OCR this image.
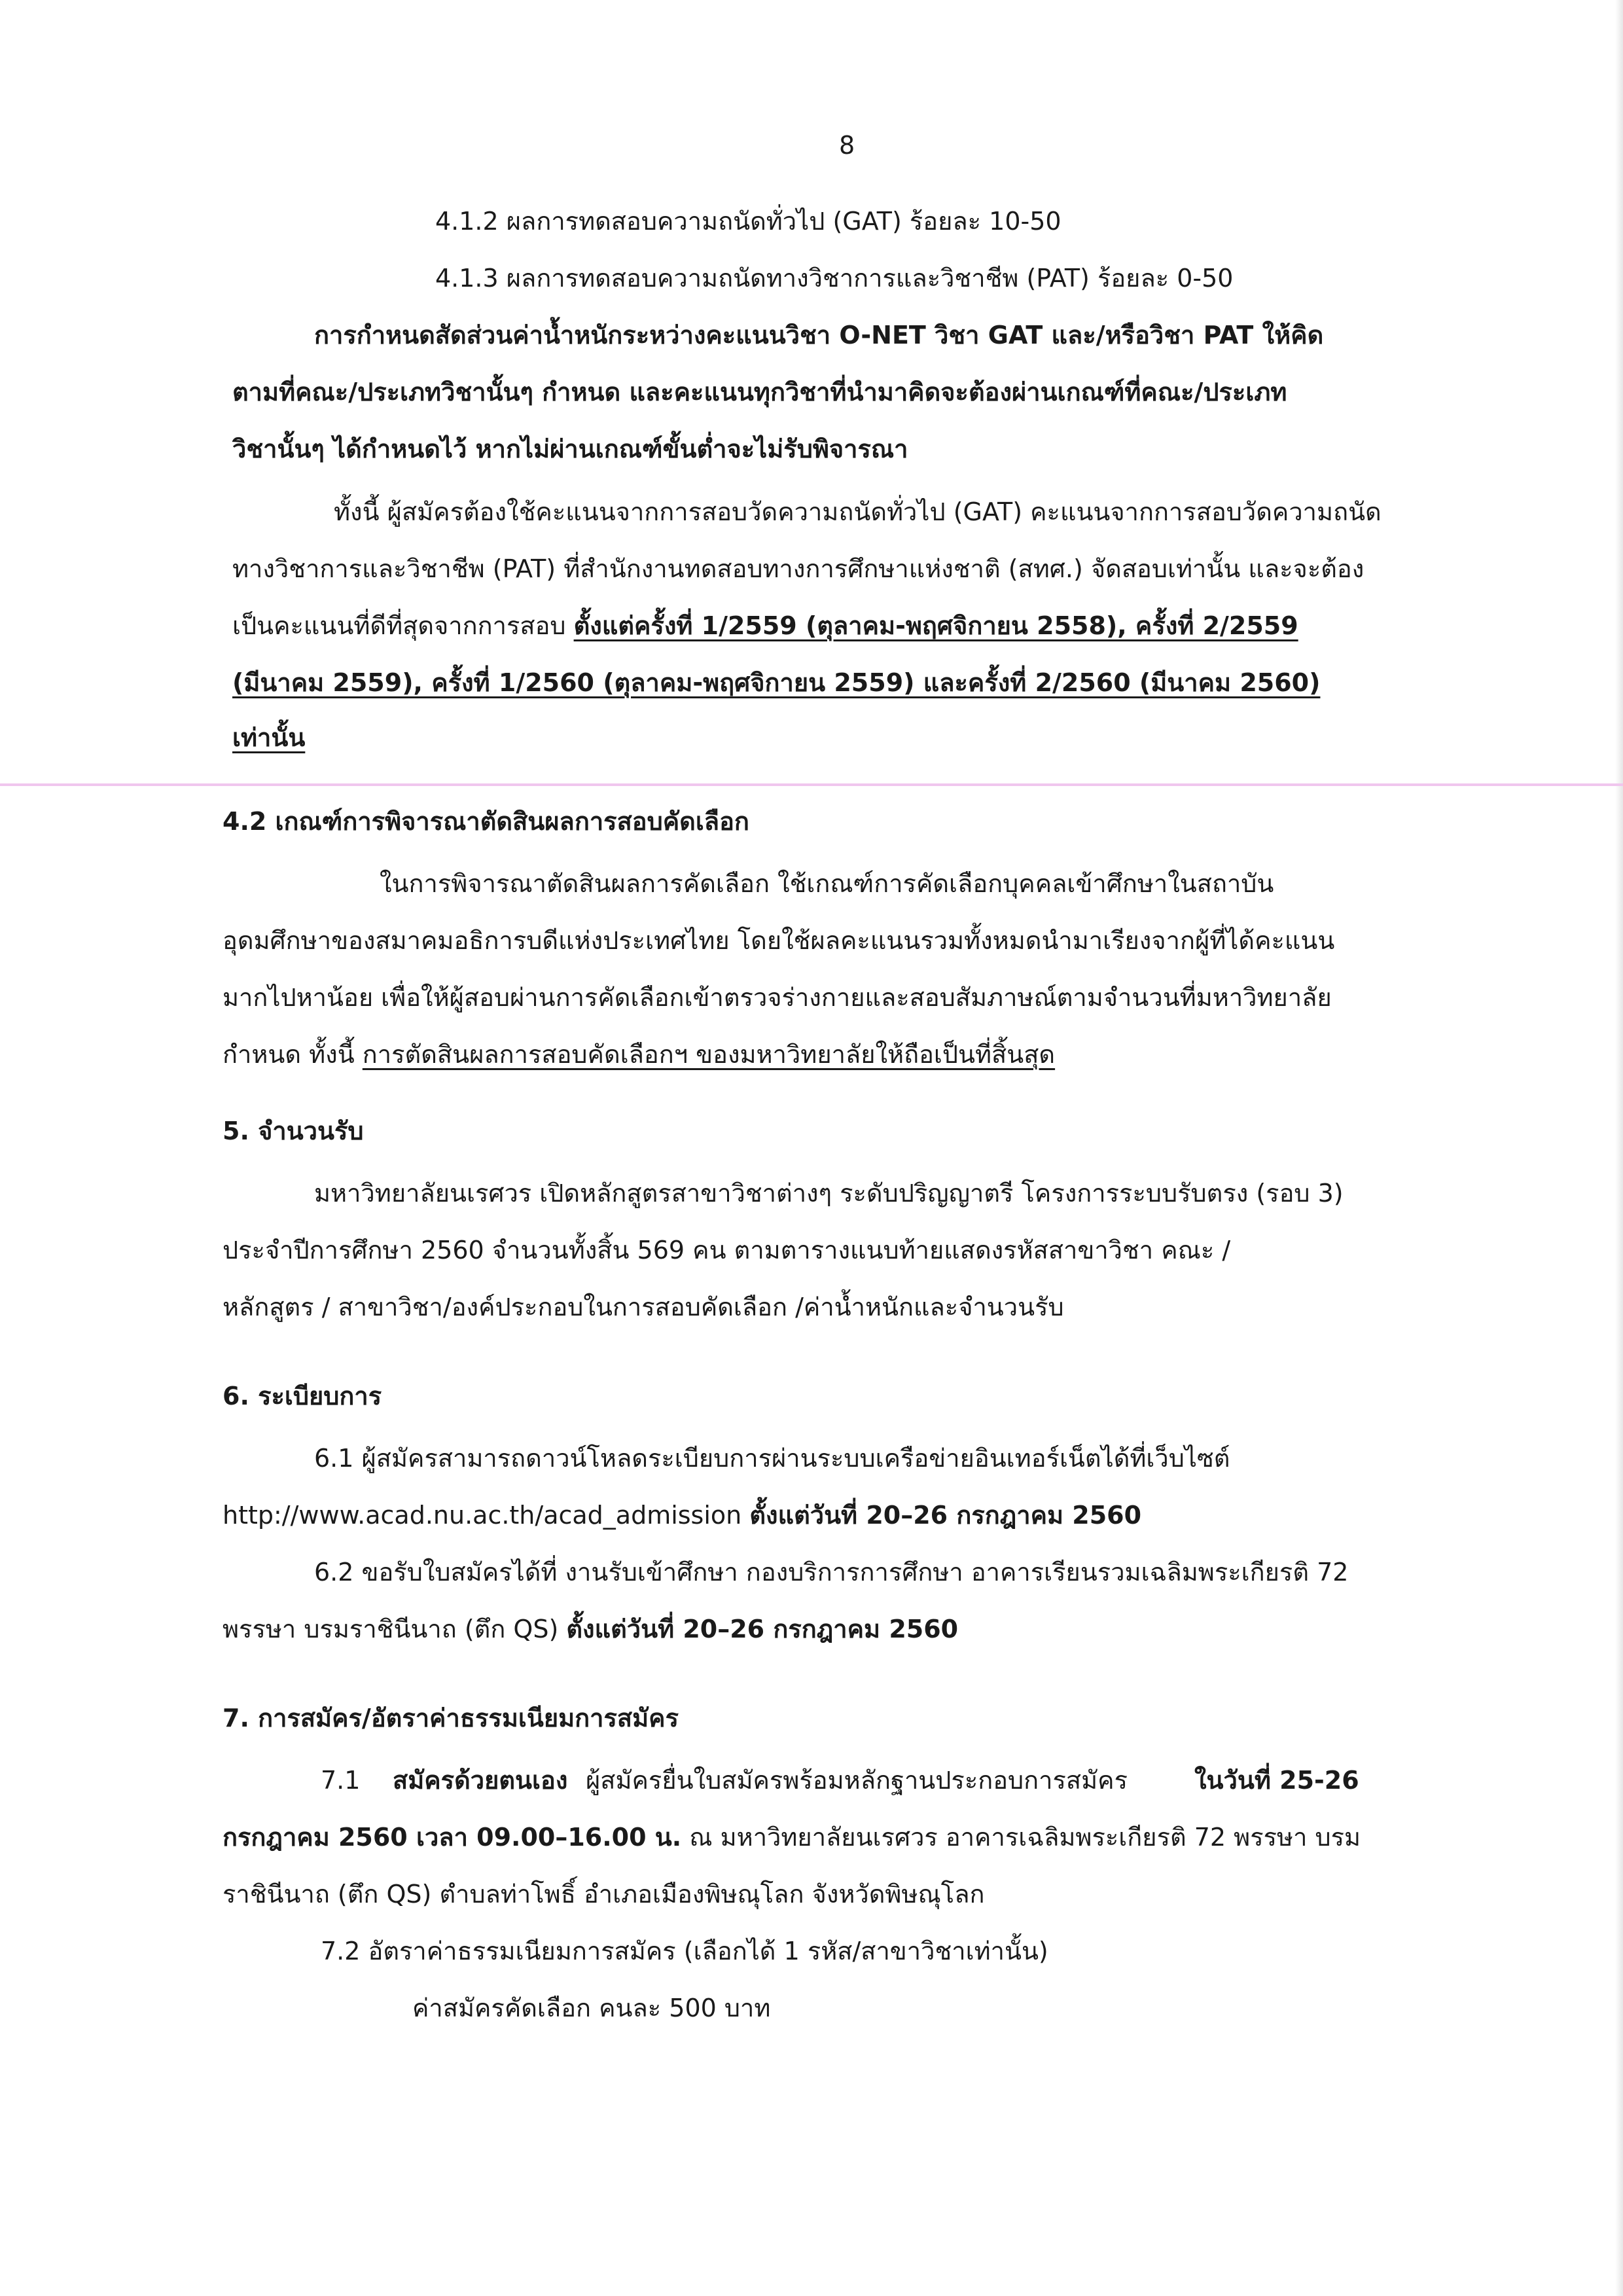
8

4.1.2 ผลการทดสอบความถนัดทั่วไป (GAT) ร้อยละ 10-50

4.1.3 ผลการทดสอบความถนัดทางวิชาการและวิชาชีพ (PAT) ร้อยละ 0-50

การกำหนดสัดส่วนค่าน้ำหนักระหว่างคะแนนวิชา O-NET วิชา GAT และ/หรือวิชา PAT ให้คิด

ตามที่คณะ/ประเภทวิชานั้นๆ กำหนด และคะแนนทุกวิชาที่นำมาคิดจะต้องผ่านเกณฑ์ที่คณะ/ประเภท

วิชานั้นๆ ได้กำหนดไว้ หากไม่ผ่านเกณฑ์ขั้นต่ำจะไม่รับพิจารณา

ทั้งนี้ ผู้สมัครต้องใช้คะแนนจากการสอบวัดความถนัดทั่วไป (GAT) คะแนนจากการสอบวัดความถนัด

ทางวิชาการและวิชาชีพ (PAT) ที่สำนักงานทดสอบทางการศึกษาแห่งชาติ (สทศ.) จัดสอบเท่านั้น และจะต้อง

เป็นคะแนนที่ดีที่สุดจากการสอบ ตั้งแต่ครั้งที่ 1/2559 (ตุลาคม-พฤศจิกายน 2558), ครั้งที่ 2/2559

(มีนาคม 2559), ครั้งที่ 1/2560 (ตุลาคม-พฤศจิกายน 2559) และครั้งที่ 2/2560 (มีนาคม 2560)

เท่านั้น

4.2 เกณฑ์การพิจารณาตัดสินผลการสอบคัดเลือก

ในการพิจารณาตัดสินผลการคัดเลือก ใช้เกณฑ์การคัดเลือกบุคคลเข้าศึกษาในสถาบัน

อุดมศึกษาของสมาคมอธิการบดีแห่งประเทศไทย โดยใช้ผลคะแนนรวมทั้งหมดนำมาเรียงจากผู้ที่ได้คะแนน

มากไปหาน้อย เพื่อให้ผู้สอบผ่านการคัดเลือกเข้าตรวจร่างกายและสอบสัมภาษณ์ตามจำนวนที่มหาวิทยาลัย

กำหนด ทั้งนี้ การตัดสินผลการสอบคัดเลือกฯ ของมหาวิทยาลัยให้ถือเป็นที่สิ้นสุด

5. จำนวนรับ

มหาวิทยาลัยนเรศวร เปิดหลักสูตรสาขาวิชาต่างๆ ระดับปริญญาตรี โครงการระบบรับตรง (รอบ 3)

ประจำปีการศึกษา 2560 จำนวนทั้งสิ้น 569 คน ตามตารางแนบท้ายแสดงรหัสสาขาวิชา คณะ /

หลักสูตร / สาขาวิชา/องค์ประกอบในการสอบคัดเลือก /ค่าน้ำหนักและจำนวนรับ

6. ระเบียบการ

6.1 ผู้สมัครสามารถดาวน์โหลดระเบียบการผ่านระบบเครือข่ายอินเทอร์เน็ตได้ที่เว็บไซต์

http://www.acad.nu.ac.th/acad_admission ตั้งแต่วันที่ 20–26 กรกฎาคม 2560

6.2 ขอรับใบสมัครได้ที่ งานรับเข้าศึกษา กองบริการการศึกษา อาคารเรียนรวมเฉลิมพระเกียรติ 72

พรรษา บรมราชินีนาถ (ตึก QS) ตั้งแต่วันที่ 20–26 กรกฎาคม 2560

7. การสมัคร/อัตราค่าธรรมเนียมการสมัคร

7.1 สมัครด้วยตนเอง ผู้สมัครยื่นใบสมัครพร้อมหลักฐานประกอบการสมัคร	ในวันที่ 25-26

กรกฎาคม 2560 เวลา 09.00–16.00 น. ณ มหาวิทยาลัยนเรศวร อาคารเฉลิมพระเกียรติ 72 พรรษา บรม

ราชินีนาถ (ตึก QS) ตำบลท่าโพธิ์ อำเภอเมืองพิษณุโลก จังหวัดพิษณุโลก

7.2 อัตราค่าธรรมเนียมการสมัคร (เลือกได้ 1 รหัส/สาขาวิชาเท่านั้น)

ค่าสมัครคัดเลือก คนละ 500 บาท
